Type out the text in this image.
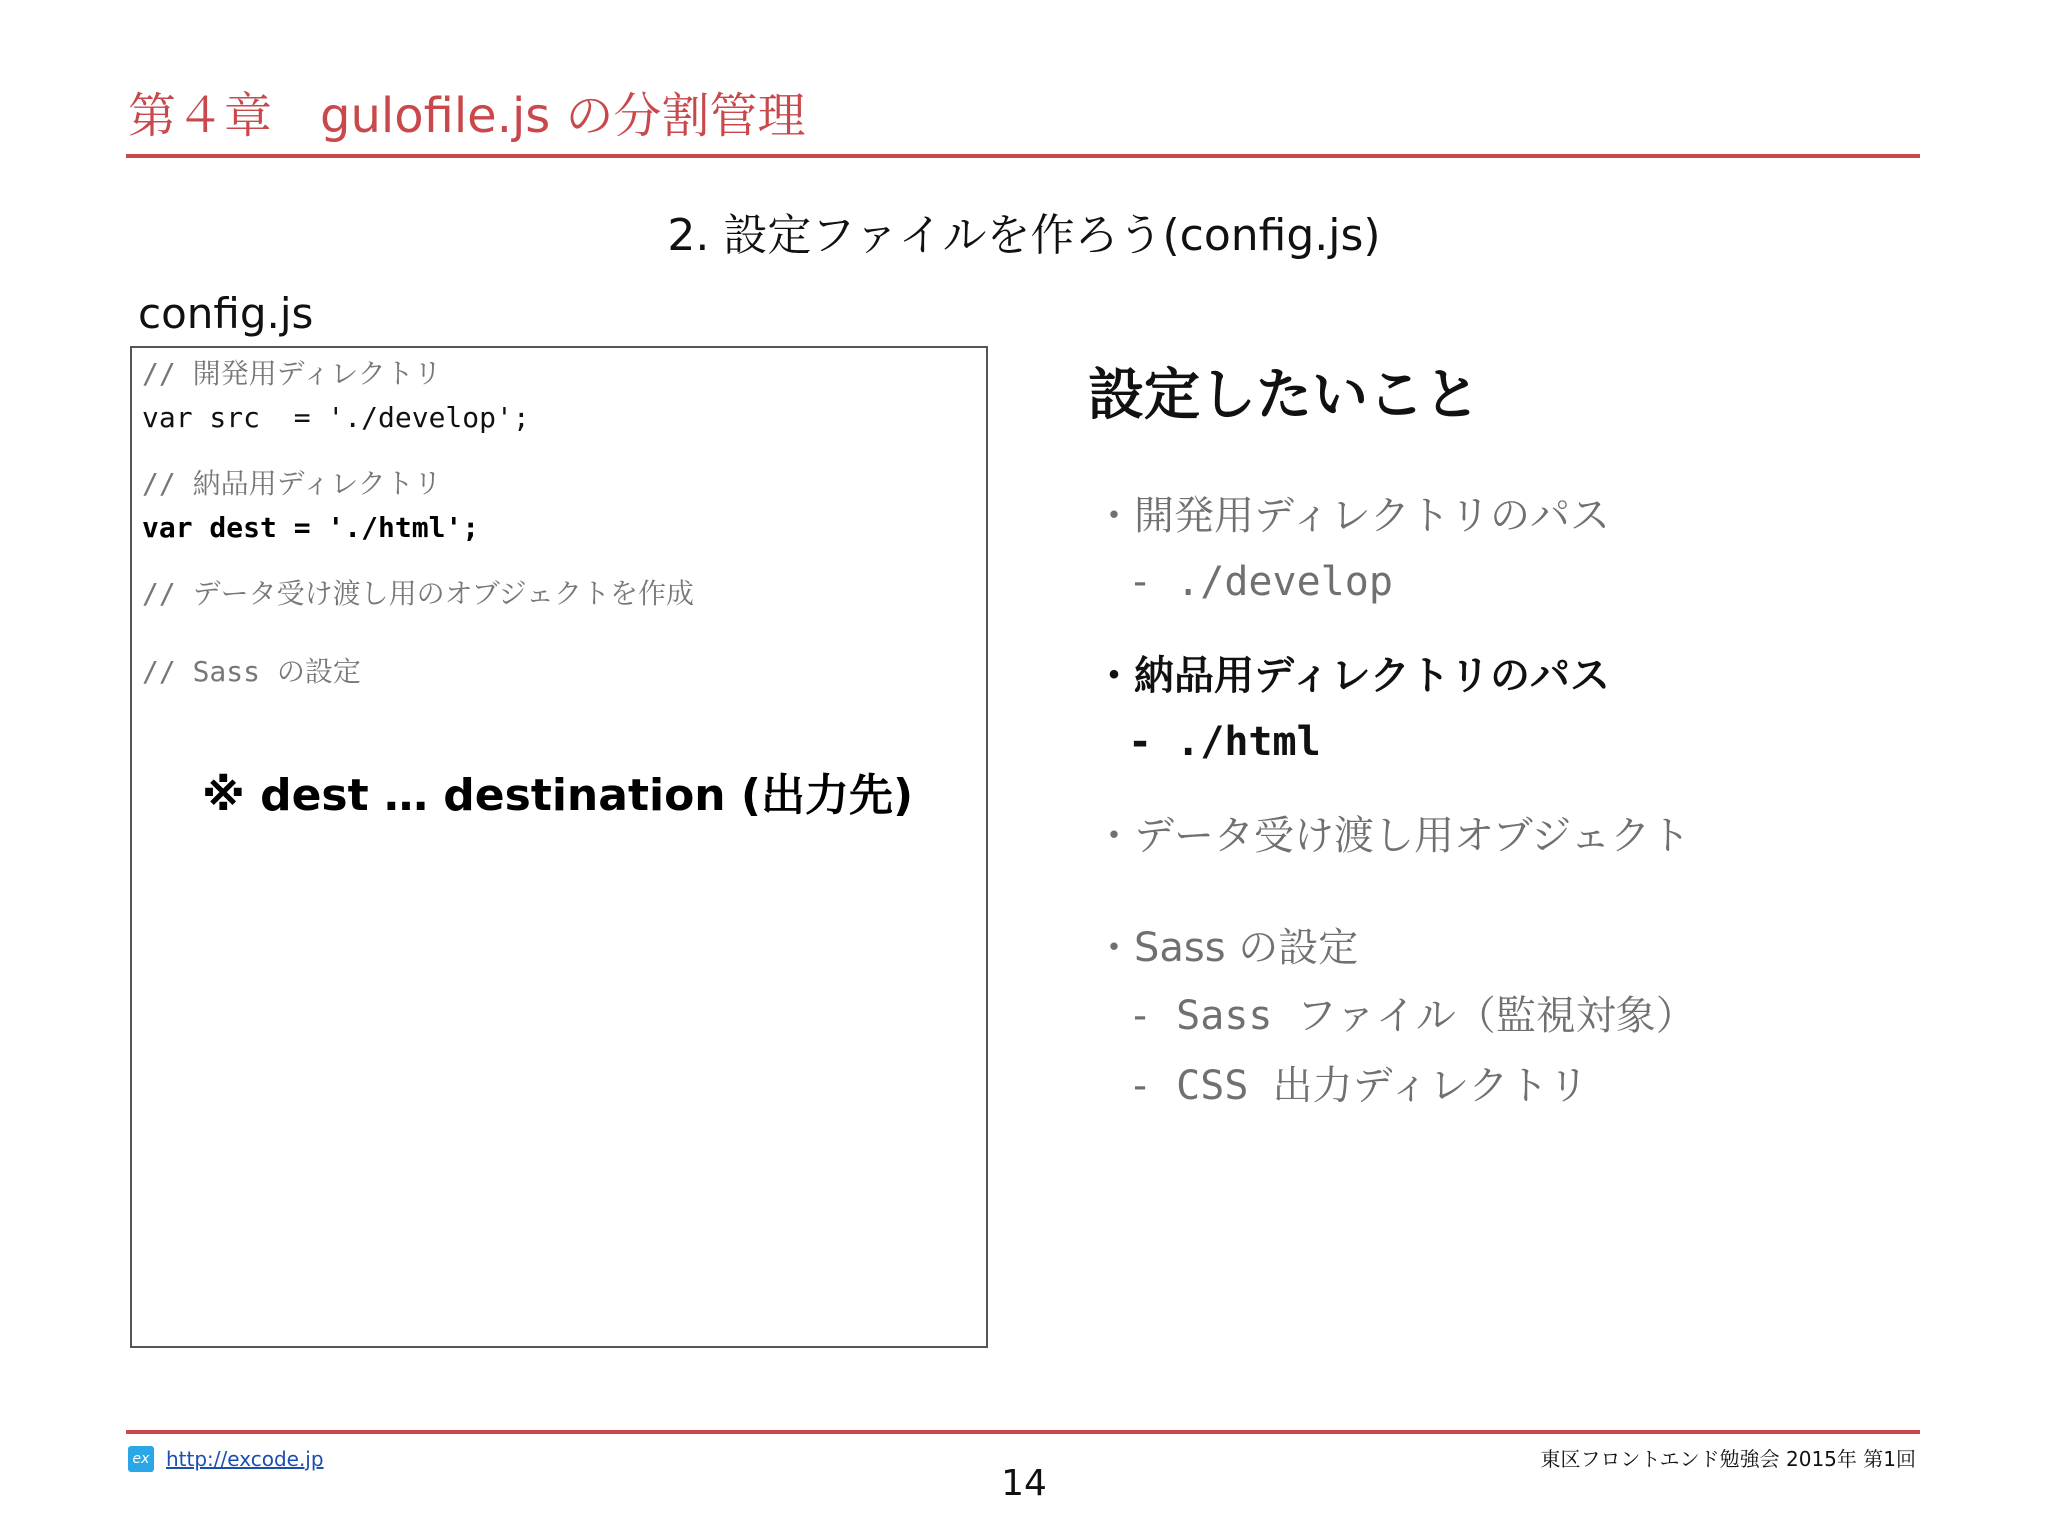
第４章　gulofile.js の分割管理
2. 設定ファイルを作ろう(config.js)
config.js
// 開発用ディレクトリ
var src  = './develop';
// 納品用ディレクトリ
var dest = './html';
// データ受け渡し用のオブジェクトを作成
// Sass の設定
※ dest … destination (出力先)
設定したいこと
・開発用ディレクトリのパス
- ./develop
・納品用ディレクトリのパス
- ./html
・データ受け渡し用オブジェクト
・Sass の設定
- Sass ファイル（監視対象）
- CSS 出力ディレクトリ
ex http://excode.jp
14
東区フロントエンド勉強会 2015年 第1回
